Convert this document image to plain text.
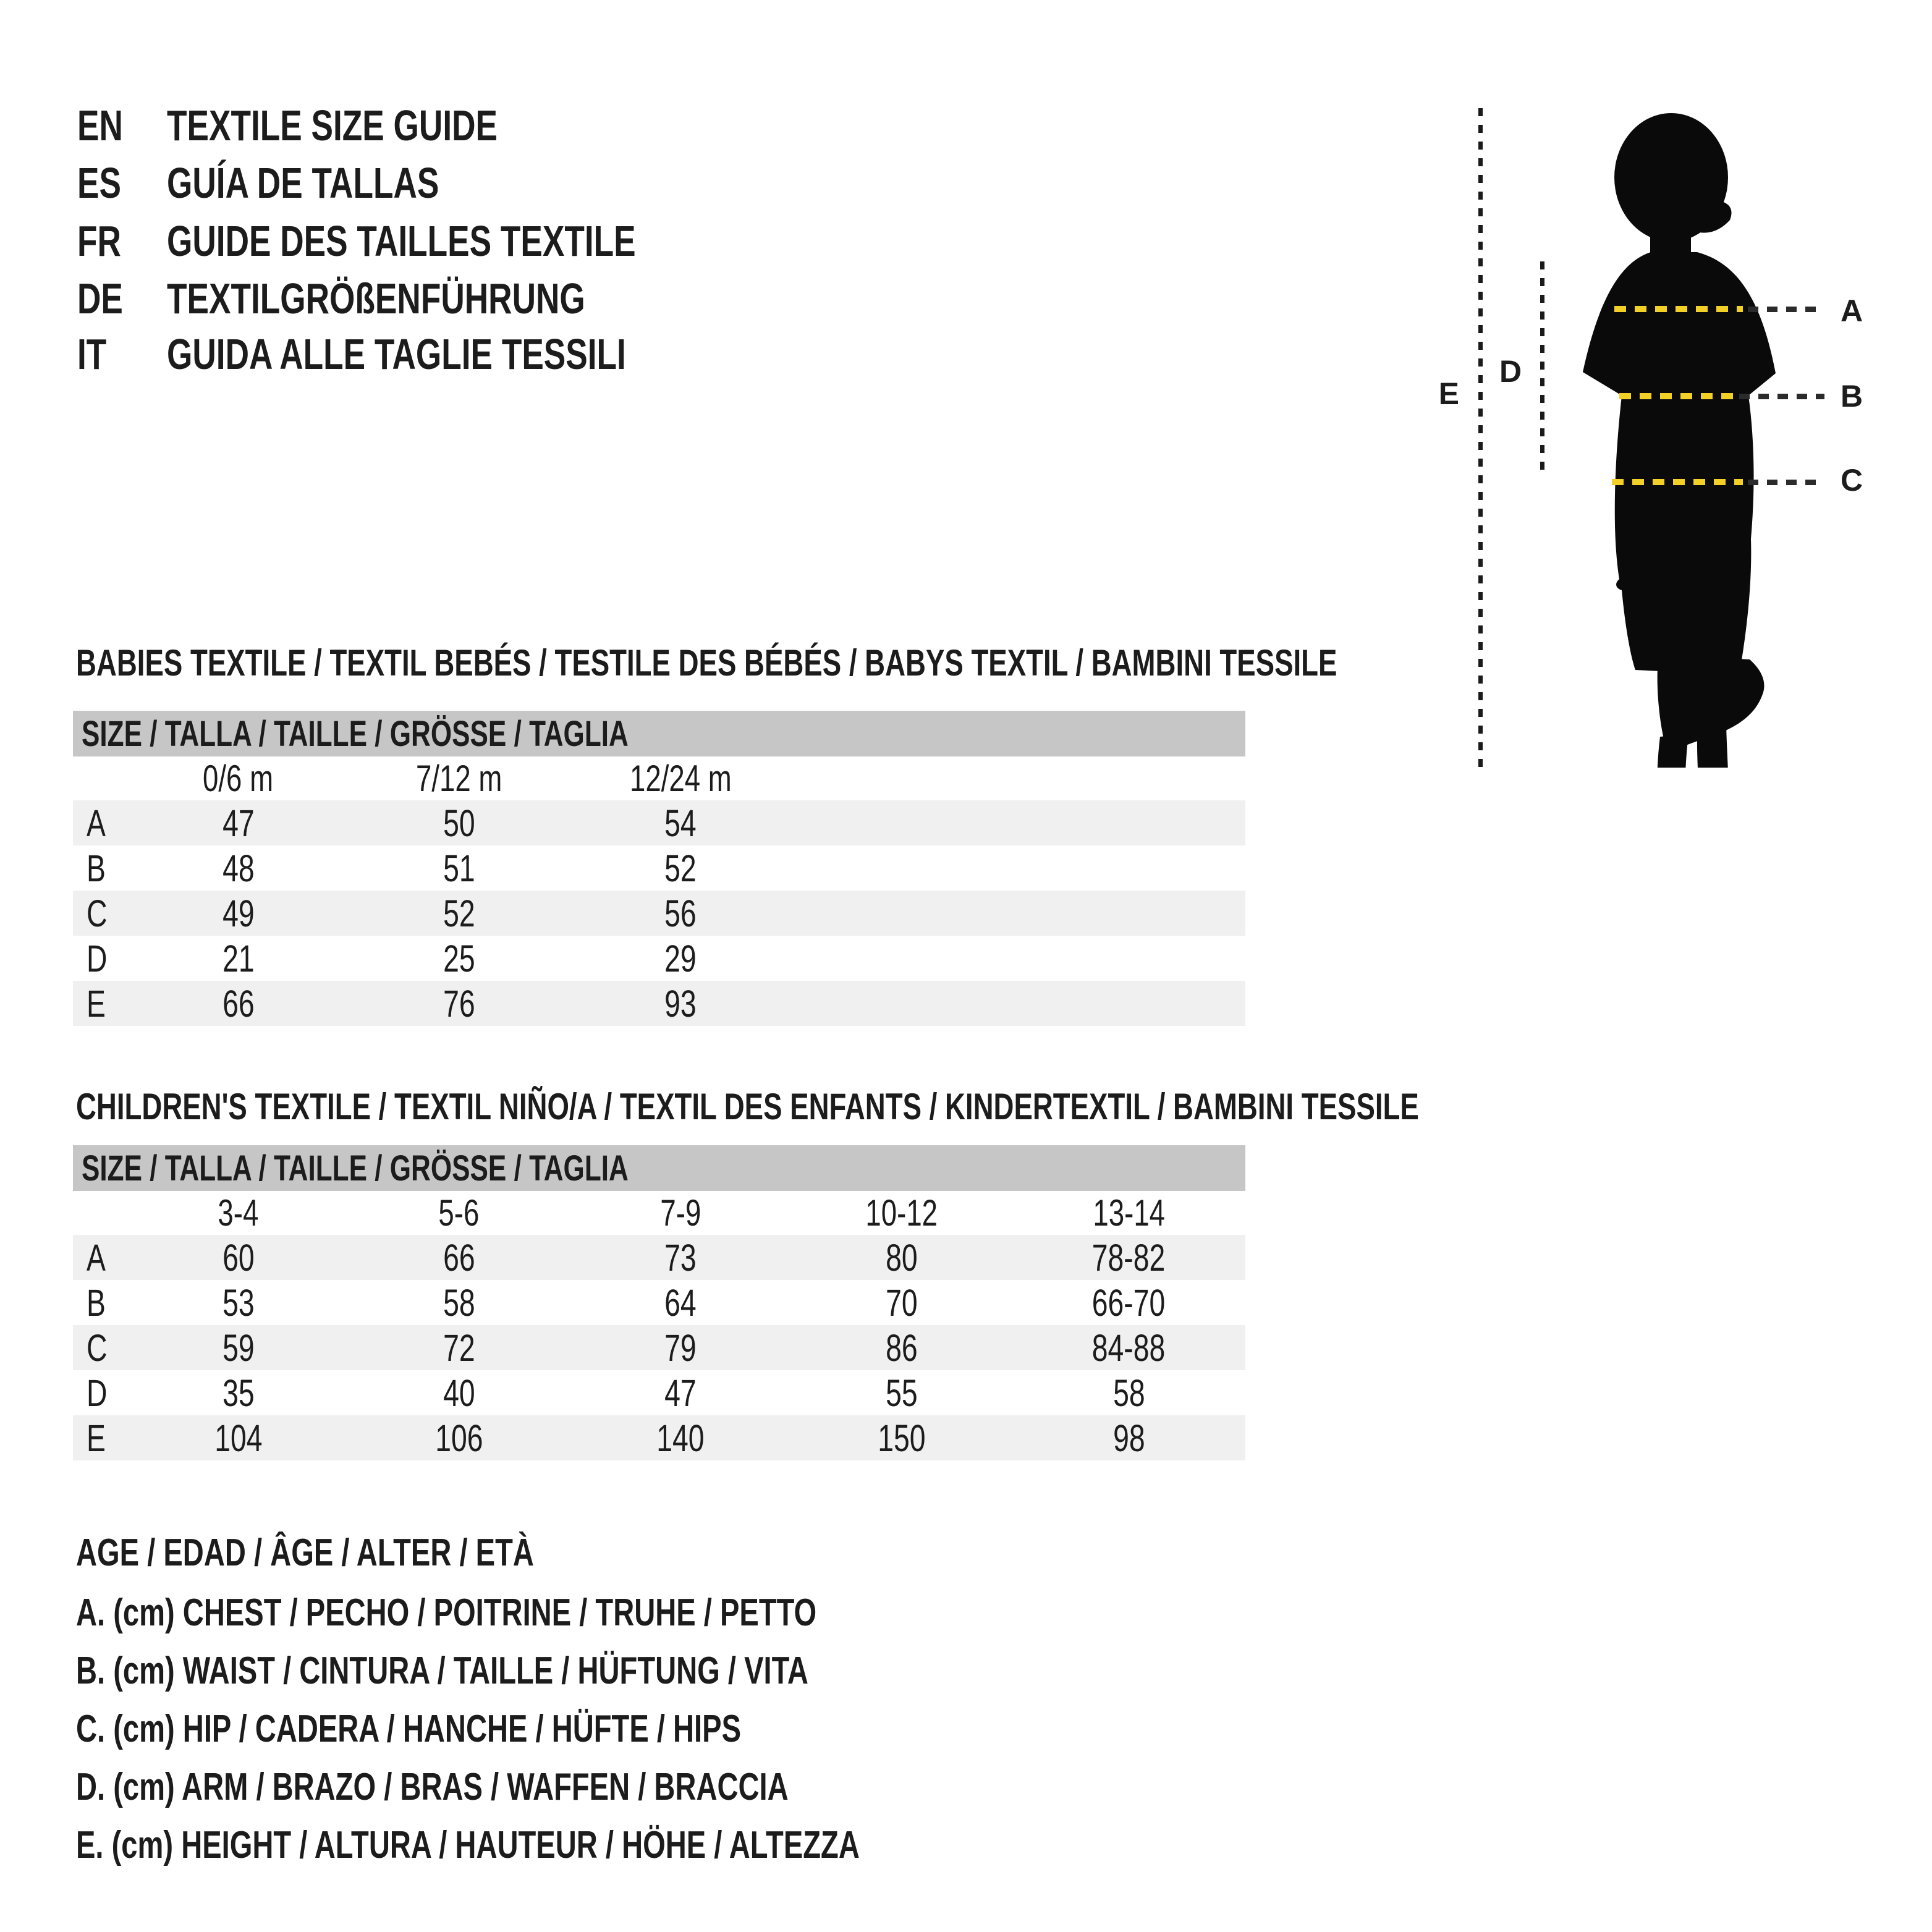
EN TEXTILE SIZE GUIDE
ES GUÍA DE TALLAS
FR GUIDE DES TAILLES TEXTILE
DE TEXTILGRÖßENFÜHRUNG
IT GUIDA ALLE TAGLIE TESSILI
A
B
C
D
E
BABIES TEXTILE / TEXTIL BEBÉS / TESTILE DES BÉBÉS / BABYS TEXTIL / BAMBINI TESSILE
SIZE / TALLA / TAILLE / GRÖSSE / TAGLIA
0/6 m	7/12 m	12/24 m
A	47	50	54
B	48	51	52
C	49	52	56
D	21	25	29
E	66	76	93
CHILDREN'S TEXTILE / TEXTIL NIÑO/A / TEXTIL DES ENFANTS / KINDERTEXTIL / BAMBINI TESSILE
SIZE / TALLA / TAILLE / GRÖSSE / TAGLIA
3-4	5-6	7-9	10-12	13-14
A	60	66	73	80	78-82
B	53	58	64	70	66-70
C	59	72	79	86	84-88
D	35	40	47	55	58
E	104	106	140	150	98
AGE / EDAD / ÂGE / ALTER / ETÀ
A. (cm) CHEST / PECHO / POITRINE / TRUHE / PETTO
B. (cm) WAIST / CINTURA / TAILLE / HÜFTUNG / VITA
C. (cm) HIP / CADERA / HANCHE / HÜFTE / HIPS
D. (cm) ARM / BRAZO / BRAS / WAFFEN / BRACCIA
E. (cm) HEIGHT / ALTURA / HAUTEUR / HÖHE / ALTEZZA
